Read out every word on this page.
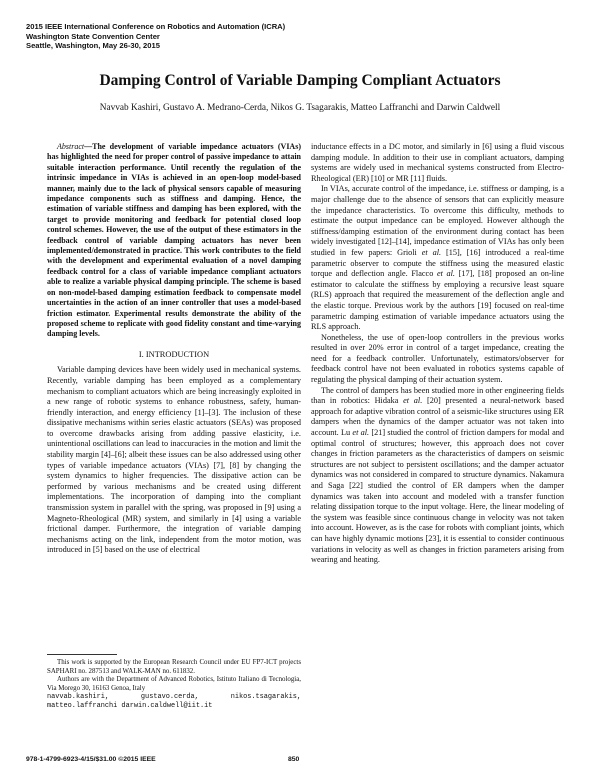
2015 IEEE International Conference on Robotics and Automation (ICRA)
Washington State Convention Center
Seattle, Washington, May 26-30, 2015
Damping Control of Variable Damping Compliant Actuators
Navvab Kashiri, Gustavo A. Medrano-Cerda, Nikos G. Tsagarakis, Matteo Laffranchi and Darwin Caldwell

Abstract—The development of variable impedance actuators (VIAs) has highlighted the need for proper control of passive impedance to attain suitable interaction performance. Until recently the regulation of the intrinsic impedance in VIAs is achieved in an open-loop model-based manner, mainly due to the lack of physical sensors capable of measuring impedance components such as stiffness and damping. Hence, the estimation of variable stiffness and damping has been explored, with the target to provide monitoring and feedback for potential closed loop control schemes. However, the use of the output of these estimators in the feedback control of variable damping actuators has never been implemented/demonstrated in practice. This work contributes to the field with the development and experimental evaluation of a novel damping feedback control for a class of variable impedance compliant actuators able to realize a variable physical damping principle. The scheme is based on non-model-based damping estimation feedback to compensate model uncertainties in the action of an inner controller that uses a model-based friction estimator. Experimental results demonstrate the ability of the proposed scheme to replicate with good fidelity constant and time-varying damping levels.

I. INTRODUCTION

Variable damping devices have been widely used in mechanical systems. Recently, variable damping has been employed as a complementary mechanism to compliant actuators which are being increasingly exploited in a new range of robotic systems to enhance robustness, safety, human-friendly interaction, and energy efficiency [1]–[3]. The inclusion of these dissipative mechanisms within series elastic actuators (SEAs) was proposed to overcome drawbacks arising from adding passive elasticity, i.e. unintentional oscillations can lead to inaccuracies in the motion and limit the stability margin [4]–[6]; albeit these issues can be also addressed using other types of variable impedance actuators (VIAs) [7], [8] by changing the system dynamics to higher frequencies. The dissipative action can be performed by various mechanisms and be created using different implementations. The incorporation of damping into the compliant transmission system in parallel with the spring, was proposed in [9] using a Magneto-Rheological (MR) system, and similarly in [4] using a variable frictional damper. Furthermore, the integration of variable damping mechanisms acting on the link, independent from the motor motion, was introduced in [5] based on the use of electrical

This work is supported by the European Research Council under EU FP7-ICT projects SAPHARI no. 287513 and WALK-MAN no. 611832.

Authors are with the Department of Advanced Robotics, Istituto Italiano di Tecnologia, Via Morego 30, 16163 Genoa, Italy

navvab.kashiri, gustavo.cerda, nikos.tsagarakis, matteo.laffranchi darwin.caldwell@iit.it

inductance effects in a DC motor, and similarly in [6] using a fluid viscous damping module. In addition to their use in compliant actuators, damping systems are widely used in mechanical systems constructed from Electro-Rheological (ER) [10] or MR [11] fluids.

In VIAs, accurate control of the impedance, i.e. stiffness or damping, is a major challenge due to the absence of sensors that can explicitly measure the impedance characteristics. To overcome this difficulty, methods to estimate the output impedance can be employed. However although the stiffness/damping estimation of the environment during contact has been widely investigated [12]–[14], impedance estimation of VIAs has only been studied in few papers: Grioli et al. [15], [16] introduced a real-time parametric observer to compute the stiffness using the measured elastic torque and deflection angle. Flacco et al. [17], [18] proposed an on-line estimator to calculate the stiffness by employing a recursive least square (RLS) approach that required the measurement of the deflection angle and the elastic torque. Previous work by the authors [19] focused on real-time parametric damping estimation of variable impedance actuators using the RLS approach.

Nonetheless, the use of open-loop controllers in the previous works resulted in over 20% error in control of a target impedance, creating the need for a feedback controller. Unfortunately, estimators/observer for feedback control have not been evaluated in robotics systems capable of regulating the physical damping of their actuation system.

The control of dampers has been studied more in other engineering fields than in robotics: Hidaka et al. [20] presented a neural-network based approach for adaptive vibration control of a seismic-like structures using ER dampers when the dynamics of the damper actuator was not taken into account. Lu et al. [21] studied the control of friction dampers for modal and optimal control of structures; however, this approach does not cover changes in friction parameters as the characteristics of dampers on seismic structures are not subject to persistent oscillations; and the damper actuator dynamics was not considered in compared to structure dynamics. Nakamura and Saga [22] studied the control of ER dampers when the damper dynamics was taken into account and modeled with a transfer function relating dissipation torque to the input voltage. Here, the linear modeling of the system was feasible since continuous change in velocity was not taken into account. However, as is the case for robots with compliant joints, which can have highly dynamic motions [23], it is essential to consider continuous variations in velocity as well as changes in friction parameters arising from wearing and heating.

978-1-4799-6923-4/15/$31.00 ©2015 IEEE	850
